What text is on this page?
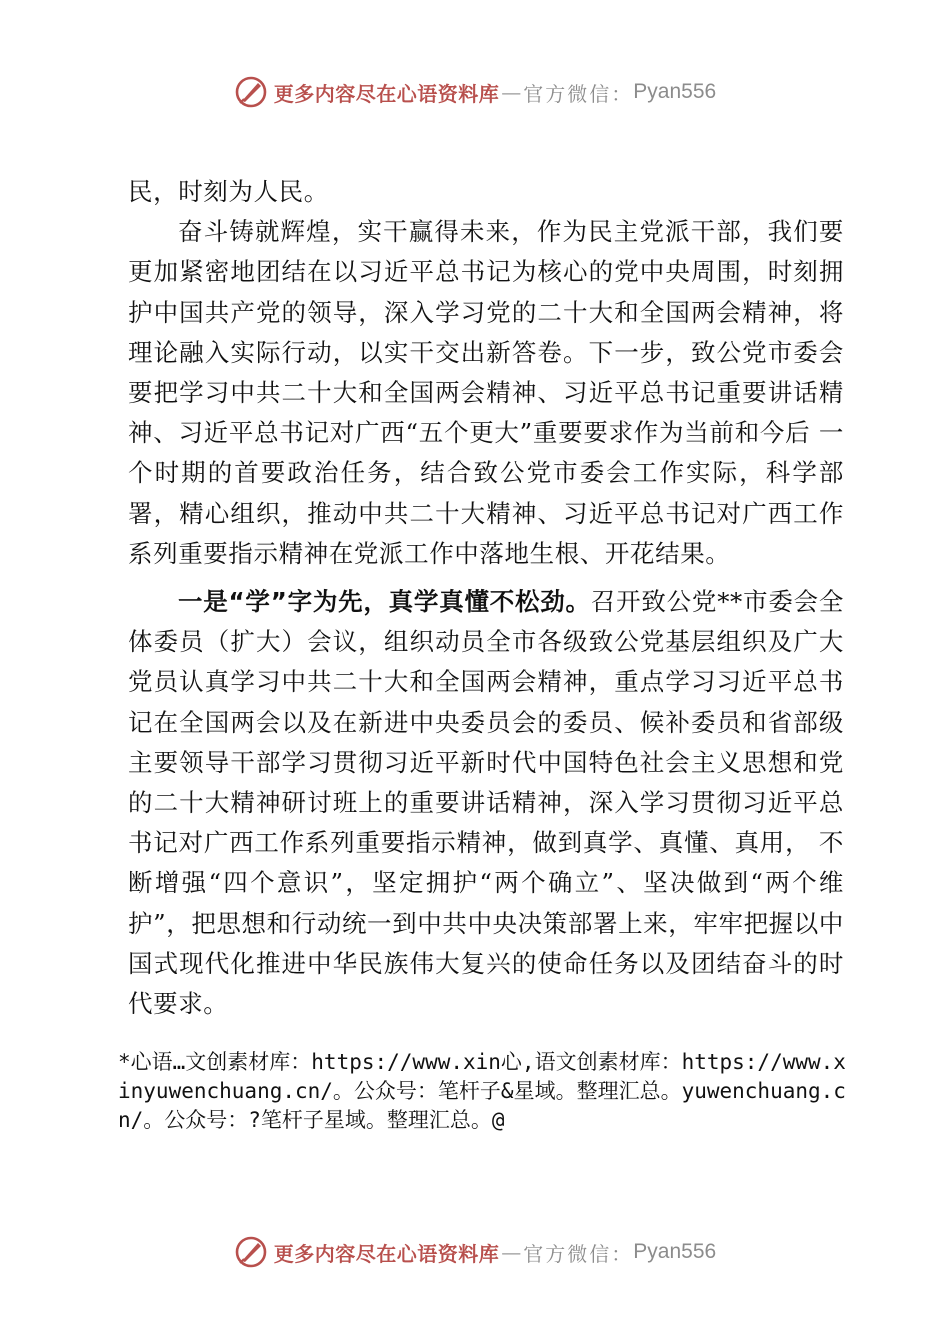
更多内容尽在心语资料库 — 官方微信： Pyan556

民，时刻为人民。

奋斗铸就辉煌，实干赢得未来，作为民主党派干部，我们要更加紧密地团结在以习近平总书记为核心的党中央周围，时刻拥护中国共产党的领导，深入学习党的二十大和全国两会精神，将理论融入实际行动，以实干交出新答卷。下一步，致公党市委会要把学习中共二十大和全国两会精神、习近平总书记重要讲话精神、习近平总书记对广西“五个更大”重要要求作为当前和今后 一个时期的首要政治任务，结合致公党市委会工作实际，科学部署，精心组织，推动中共二十大精神、习近平总书记对广西工作 系列重要指示精神在党派工作中落地生根、开花结果。

一是“学”字为先，真学真懂不松劲。召开致公党**市委会全体委员（扩大）会议，组织动员全市各级致公党基层组织及广大党员认真学习中共二十大和全国两会精神，重点学习习近平总书记在全国两会以及在新进中央委员会的委员、候补委员和省部级主要领导干部学习贯彻习近平新时代中国特色社会主义思想和党的二十大精神研讨班上的重要讲话精神，深入学习贯彻习近平总书记对广西工作系列重要指示精神，做到真学、真懂、真用， 不断增强“四个意识”，坚定拥护“两个确立”、坚决做到“两个维护”，把思想和行动统一到中共中央决策部署上来，牢牢把握以中国式现代化推进中华民族伟大复兴的使命任务以及团结奋斗的时代要求。

*心语…文创素材库：https://www.xin心,语文创素材库：https://www.xinyuwenchuang.cn/。公众号：笔杆子&星域。整理汇总。yuwenchuang.cn/。公众号：?笔杆子星域。整理汇总。@
更多内容尽在心语资料库 — 官方微信： Pyan556
